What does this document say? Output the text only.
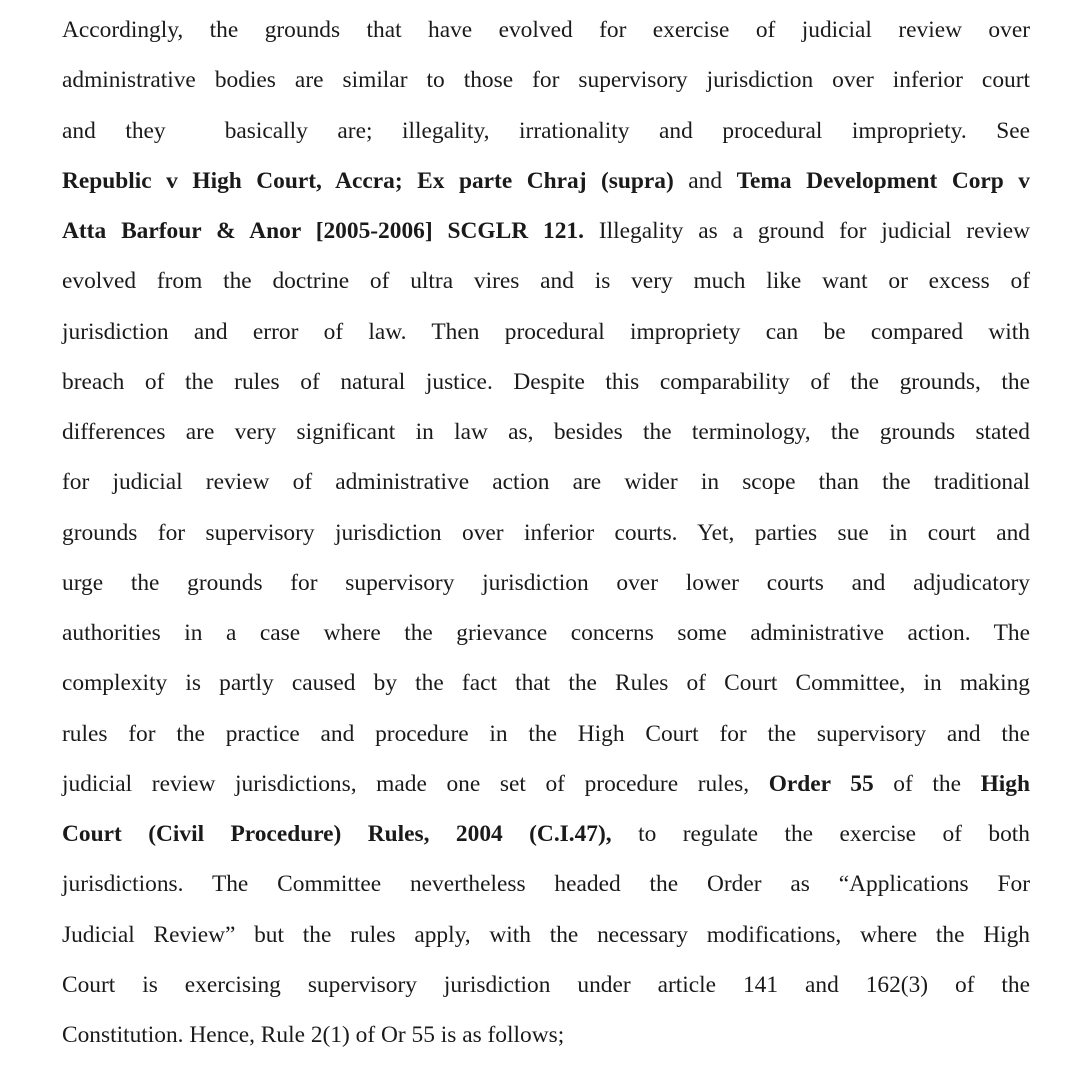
Accordingly, the grounds that have evolved for exercise of judicial review over
administrative bodies are similar to those for supervisory jurisdiction over inferior court
and they  basically are; illegality, irrationality and procedural impropriety. See
Republic v High Court, Accra; Ex parte Chraj (supra) and Tema Development Corp v
Atta Barfour & Anor [2005-2006] SCGLR 121. Illegality as a ground for judicial review
evolved from the doctrine of ultra vires and is very much like want or excess of
jurisdiction and error of law. Then procedural impropriety can be compared with
breach of the rules of natural justice. Despite this comparability of the grounds, the
differences are very significant in law as, besides the terminology, the grounds stated
for judicial review of administrative action are wider in scope than the traditional
grounds for supervisory jurisdiction over inferior courts. Yet, parties sue in court and
urge the grounds for supervisory jurisdiction over lower courts and adjudicatory
authorities in a case where the grievance concerns some administrative action. The
complexity is partly caused by the fact that the Rules of Court Committee, in making
rules for the practice and procedure in the High Court for the supervisory and the
judicial review jurisdictions, made one set of procedure rules, Order 55 of the High
Court (Civil Procedure) Rules, 2004 (C.I.47), to regulate the exercise of both
jurisdictions. The Committee nevertheless headed the Order as “Applications For
Judicial Review” but the rules apply, with the necessary modifications, where the High
Court is exercising supervisory jurisdiction under article 141 and 162(3) of the
Constitution. Hence, Rule 2(1) of Or 55 is as follows;
